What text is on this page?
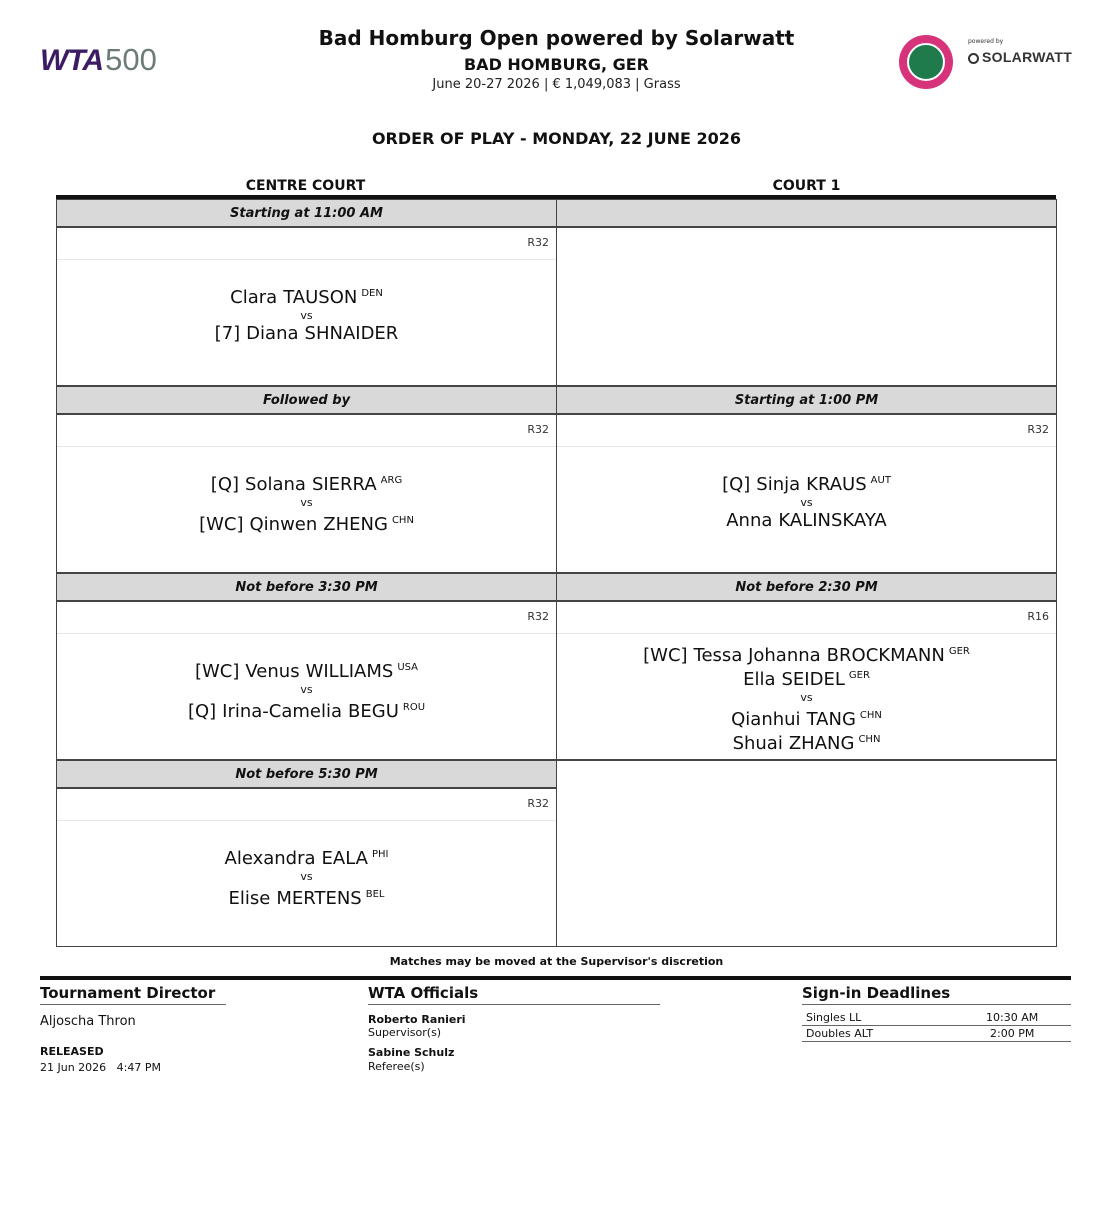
WTA500
Bad Homburg Open powered by Solarwatt
BAD HOMBURG, GER
June 20-27 2026 | € 1,049,083 | Grass
powered by
SOLARWATT
ORDER OF PLAY - MONDAY, 22 JUNE 2026
CENTRE COURT	COURT 1
Starting at 11:00 AM
R32
Clara TAUSON $^{DEN}$
vs
[7] Diana SHNAIDER
Followed by
R32
[Q] Solana SIERRA $^{ARG}$
vs
[WC] Qinwen ZHENG $^{CHN}$
Not before 3:30 PM
R32
[WC] Venus WILLIAMS $^{USA}$
vs
[Q] Irina-Camelia BEGU $^{ROU}$
Not before 5:30 PM
R32
Alexandra EALA $^{PHI}$
vs
Elise MERTENS $^{BEL}$
Starting at 1:00 PM
R32
[Q] Sinja KRAUS $^{AUT}$
vs
Anna KALINSKAYA
Not before 2:30 PM
R16
[WC] Tessa Johanna BROCKMANN $^{GER}$
Ella SEIDEL $^{GER}$
vs
Qianhui TANG $^{CHN}$
Shuai ZHANG $^{CHN}$
Matches may be moved at the Supervisor's discretion
Tournament Director
Aljoscha Thron
RELEASED
21 Jun 2026   4:47 PM
WTA Officials
Roberto Ranieri
Supervisor(s)
Sabine Schulz
Referee(s)
Sign-in Deadlines
Singles LL	10:30 AM
Doubles ALT	2:00 PM
